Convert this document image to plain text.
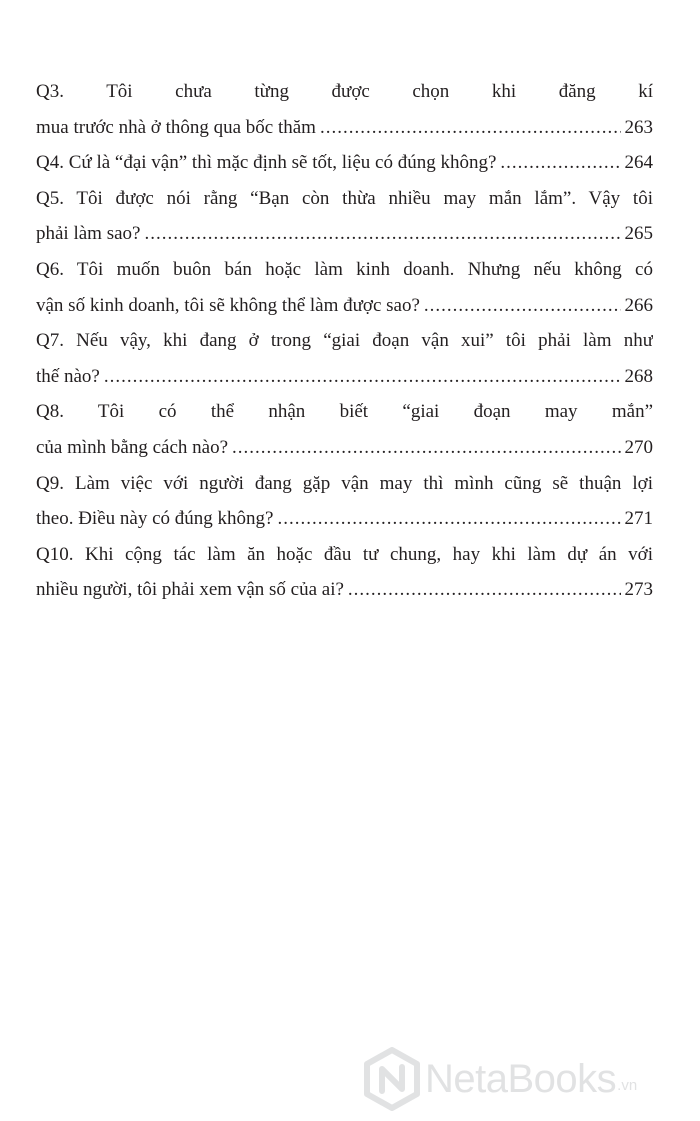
Q3. Tôi chưa từng được chọn khi đăng kí
mua trước nhà ở thông qua bốc thăm .....	263
Q4. Cứ là “đại vận” thì mặc định sẽ tốt, liệu có đúng không? .....	264
Q5. Tôi được nói rằng “Bạn còn thừa nhiều may mắn lắm”. Vậy tôi
phải làm sao? .....	265
Q6. Tôi muốn buôn bán hoặc làm kinh doanh. Nhưng nếu không có
vận số kinh doanh, tôi sẽ không thể làm được sao? .....	266
Q7. Nếu vậy, khi đang ở trong “giai đoạn vận xui” tôi phải làm như
thế nào? .....	268
Q8. Tôi có thể nhận biết “giai đoạn may mắn”
của mình bằng cách nào? .....	270
Q9. Làm việc với người đang gặp vận may thì mình cũng sẽ thuận lợi
theo. Điều này có đúng không? .....	271
Q10. Khi cộng tác làm ăn hoặc đầu tư chung, hay khi làm dự án với
nhiều người, tôi phải xem vận số của ai? .....	273
NetaBooks .vn
